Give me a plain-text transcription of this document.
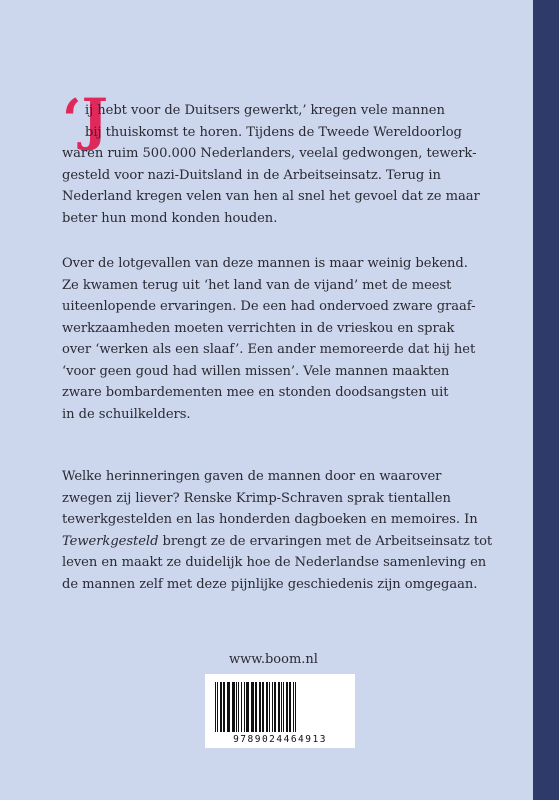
‘J
ij hebt voor de Duitsers gewerkt,’ kregen vele mannen
bij thuiskomst te horen. Tijdens de Tweede Wereldoorlog
waren ruim 500.000 Nederlanders, veelal gedwongen, tewerk-
gesteld voor nazi-Duitsland in de Arbeitseinsatz. Terug in
Nederland kregen velen van hen al snel het gevoel dat ze maar
beter hun mond konden houden.
Over de lotgevallen van deze mannen is maar weinig bekend.
Ze kwamen terug uit ‘het land van de vijand’ met de meest
uiteenlopende ervaringen. De een had ondervoed zware graaf-
werkzaamheden moeten verrichten in de vrieskou en sprak
over ‘werken als een slaaf’. Een ander memoreerde dat hij het
‘voor geen goud had willen missen’. Vele mannen maakten
zware bombardementen mee en stonden doodsangsten uit
in de schuilkelders.
Welke herinneringen gaven de mannen door en waarover
zwegen zij liever? Renske Krimp-Schraven sprak tientallen
tewerkgestelden en las honderden dagboeken en memoires. In
Tewerkgesteld brengt ze de ervaringen met de Arbeitseinsatz tot
leven en maakt ze duidelijk hoe de Nederlandse samenleving en
de mannen zelf met deze pijnlijke geschiedenis zijn omgegaan.
www.boom.nl
9789024464913
